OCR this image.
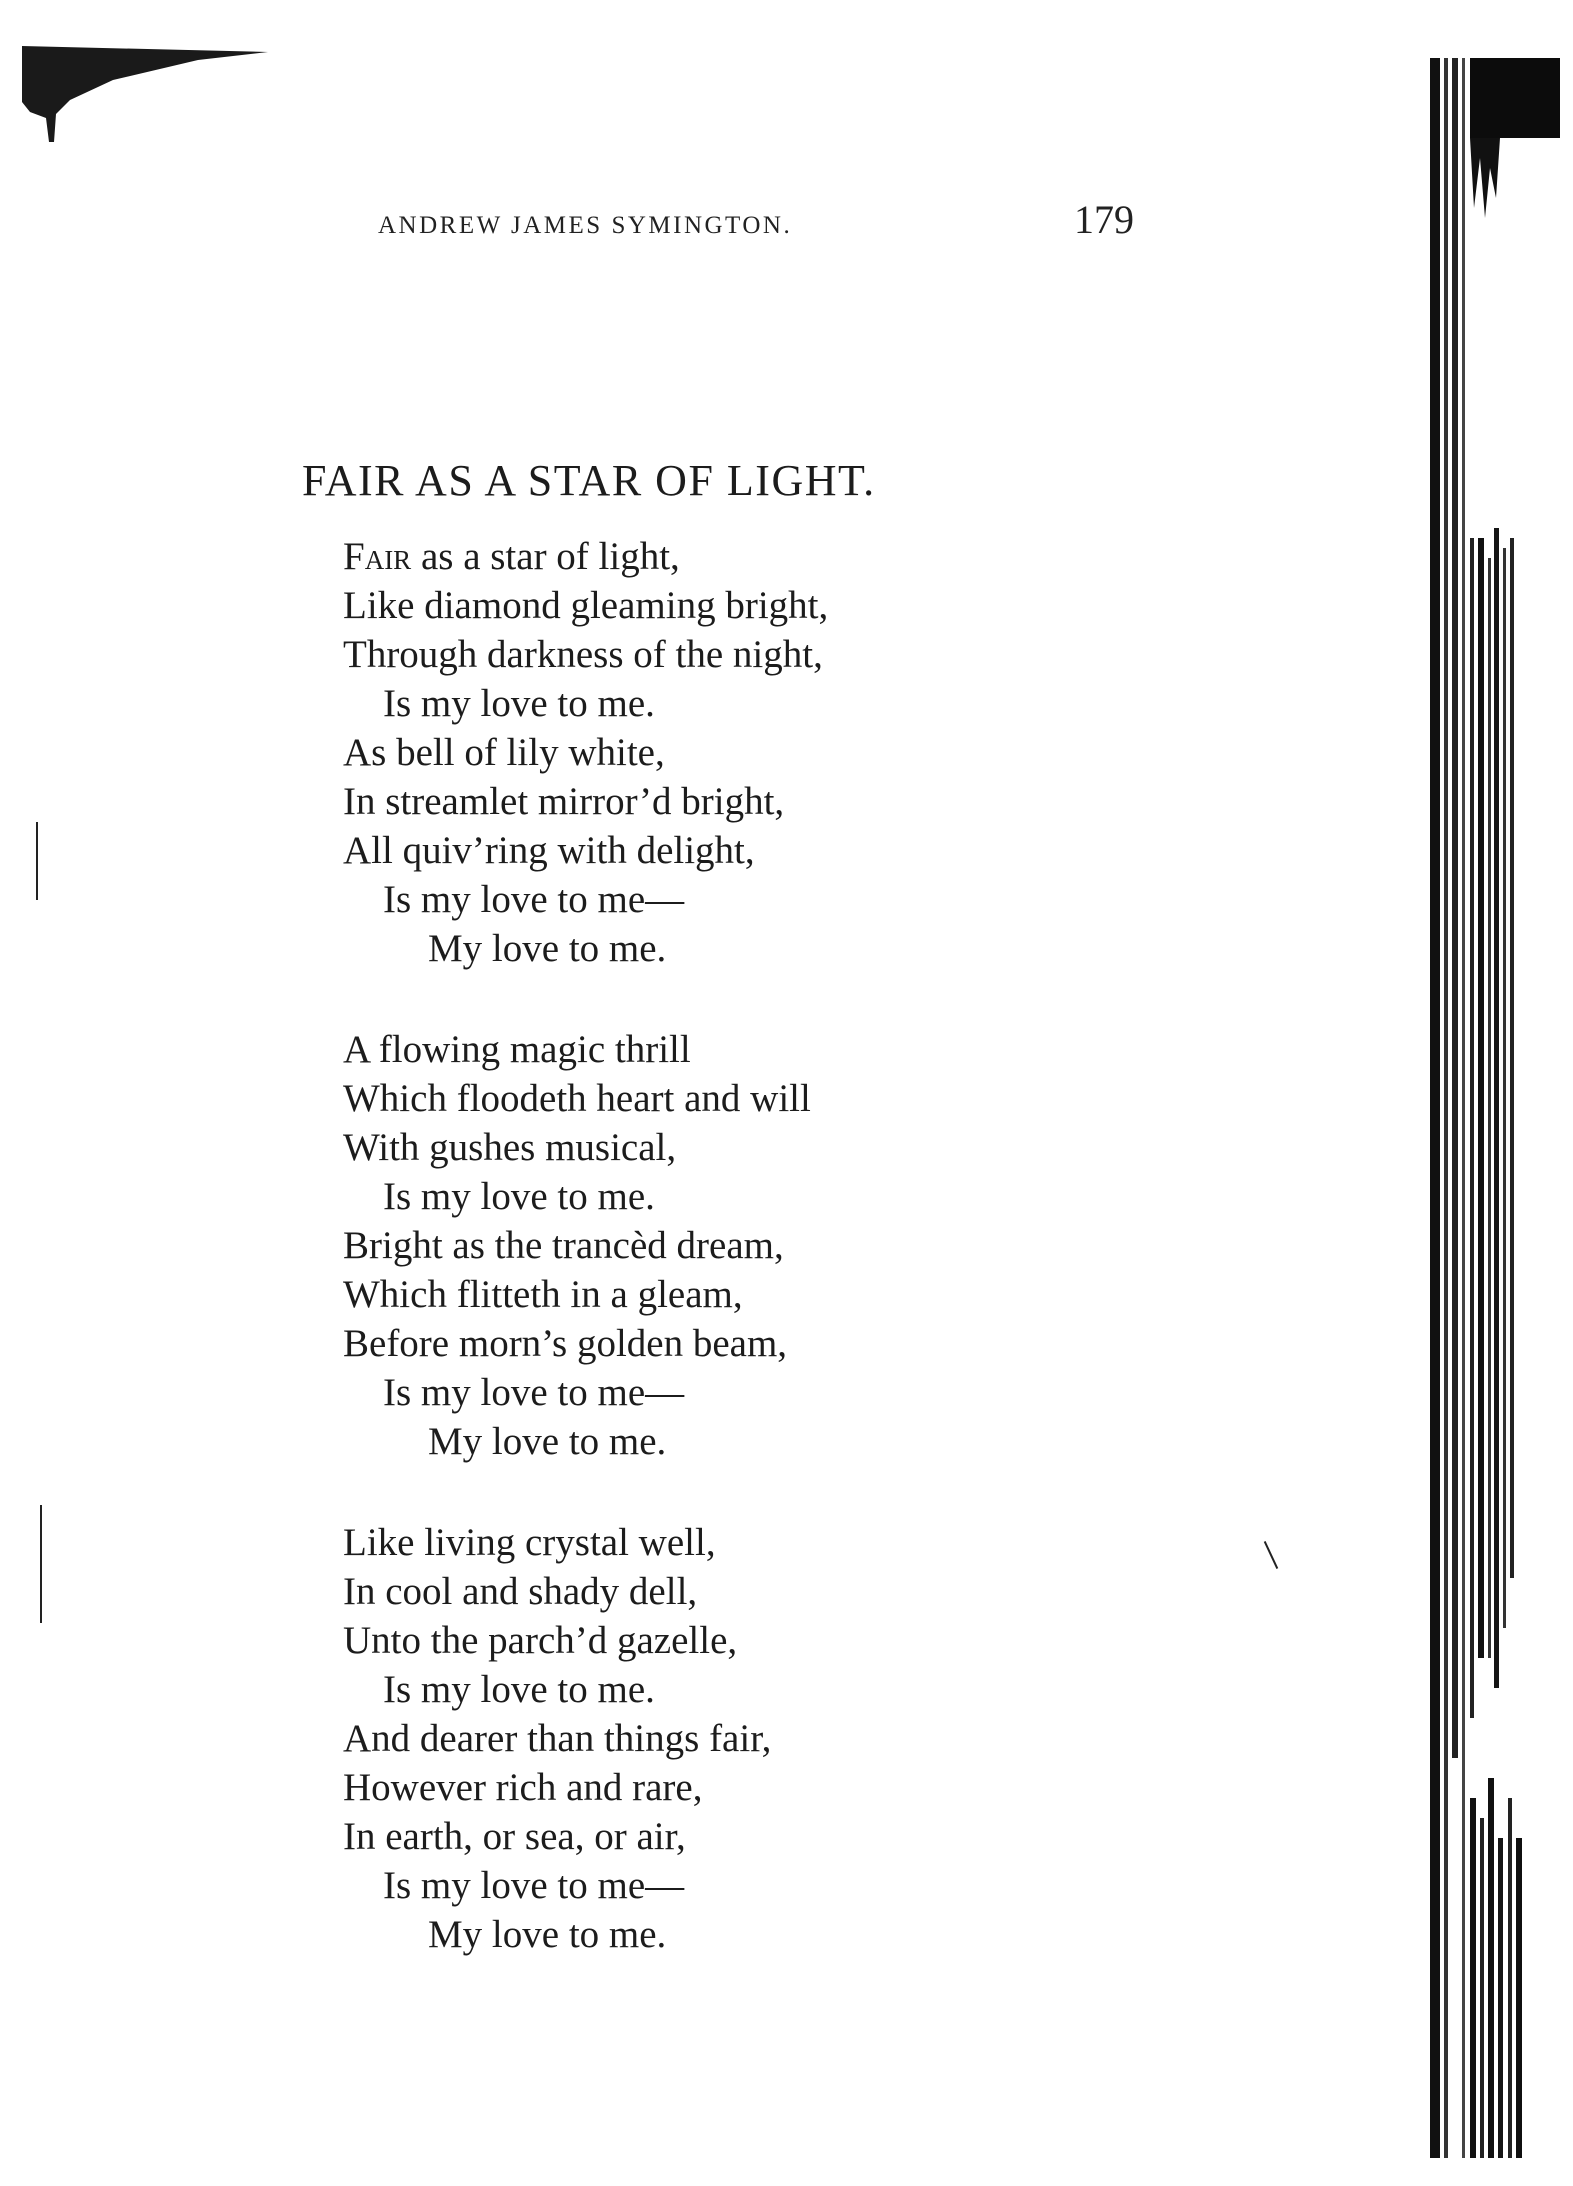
ANDREW JAMES SYMINGTON.	179
FAIR AS A STAR OF LIGHT.
Fair as a star of light,
Like diamond gleaming bright,
Through darkness of the night,
Is my love to me.
As bell of lily white,
In streamlet mirror’d bright,
All quiv’ring with delight,
Is my love to me—
My love to me.
A flowing magic thrill
Which floodeth heart and will
With gushes musical,
Is my love to me.
Bright as the trancèd dream,
Which flitteth in a gleam,
Before morn’s golden beam,
Is my love to me—
My love to me.
Like living crystal well,
In cool and shady dell,
Unto the parch’d gazelle,
Is my love to me.
And dearer than things fair,
However rich and rare,
In earth, or sea, or air,
Is my love to me—
My love to me.
